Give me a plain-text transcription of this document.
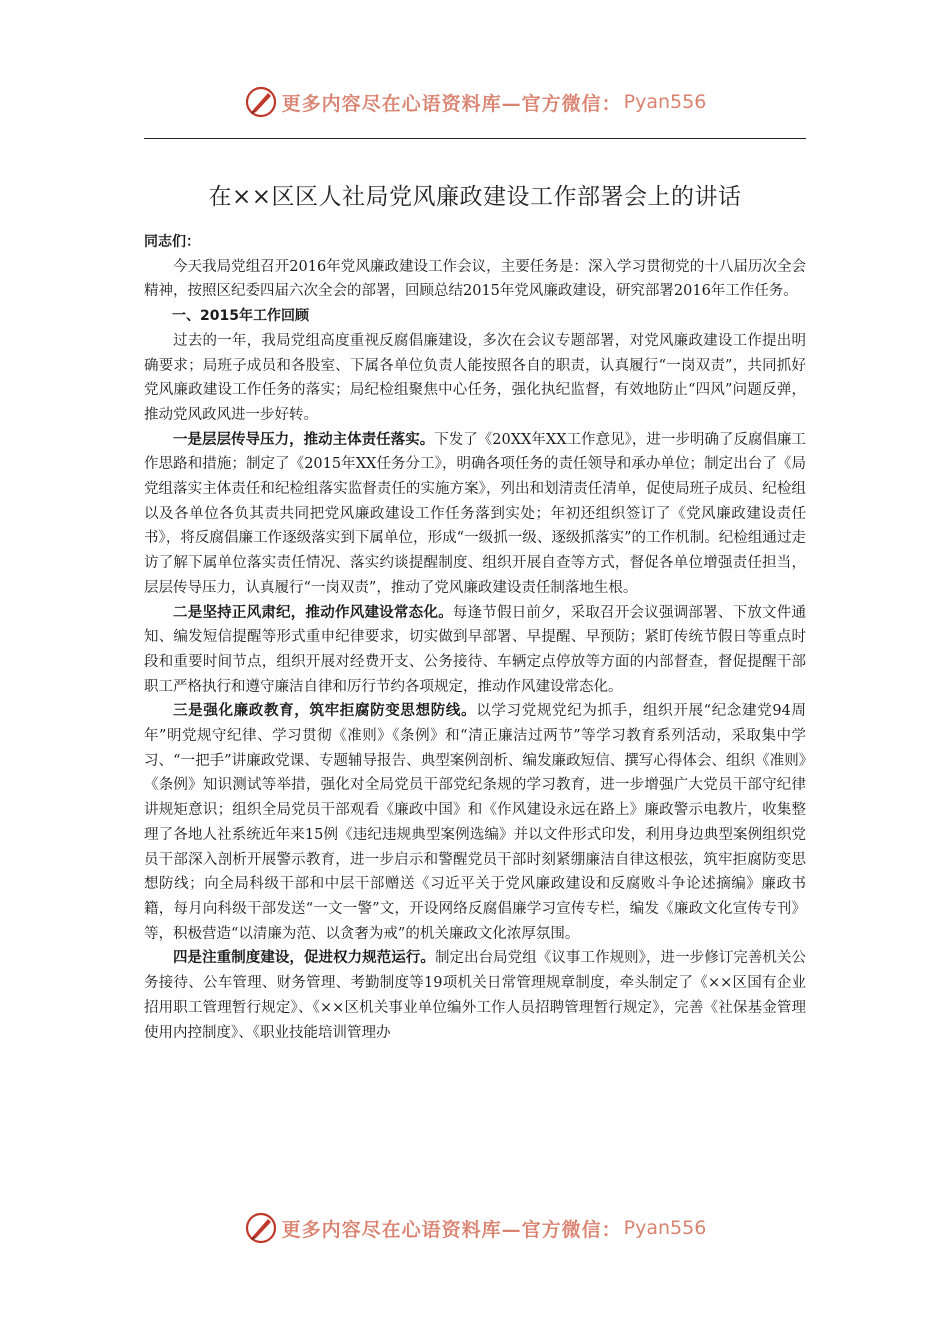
更多内容尽在心语资料库—官方微信： Pyan556
在××区区人社局党风廉政建设工作部署会上的讲话

同志们：

今天我局党组召开2016年党风廉政建设工作会议，主要任务是：深入学习贯彻党的十八届历次全会精神，按照区纪委四届六次全会的部署，回顾总结2015年党风廉政建设，研究部署2016年工作任务。

一、2015年工作回顾

过去的一年，我局党组高度重视反腐倡廉建设，多次在会议专题部署，对党风廉政建设工作提出明确要求；局班子成员和各股室、下属各单位负责人能按照各自的职责，认真履行“一岗双责”，共同抓好党风廉政建设工作任务的落实；局纪检组聚焦中心任务，强化执纪监督，有效地防止“四风”问题反弹，推动党风政风进一步好转。

一是层层传导压力，推动主体责任落实。下发了《20XX年XX工作意见》，进一步明确了反腐倡廉工作思路和措施；制定了《2015年XX任务分工》，明确各项任务的责任领导和承办单位；制定出台了《局党组落实主体责任和纪检组落实监督责任的实施方案》，列出和划清责任清单，促使局班子成员、纪检组以及各单位各负其责共同把党风廉政建设工作任务落到实处；年初还组织签订了《党风廉政建设责任书》，将反腐倡廉工作逐级落实到下属单位，形成“一级抓一级、逐级抓落实”的工作机制。纪检组通过走访了解下属单位落实责任情况、落实约谈提醒制度、组织开展自查等方式，督促各单位增强责任担当，层层传导压力，认真履行“一岗双责”，推动了党风廉政建设责任制落地生根。

二是坚持正风肃纪，推动作风建设常态化。每逢节假日前夕，采取召开会议强调部署、下放文件通知、编发短信提醒等形式重申纪律要求，切实做到早部署、早提醒、早预防；紧盯传统节假日等重点时段和重要时间节点，组织开展对经费开支、公务接待、车辆定点停放等方面的内部督查，督促提醒干部职工严格执行和遵守廉洁自律和厉行节约各项规定，推动作风建设常态化。

三是强化廉政教育，筑牢拒腐防变思想防线。以学习党规党纪为抓手，组织开展“纪念建党94周年”明党规守纪律、学习贯彻《准则》《条例》和“清正廉洁过两节”等学习教育系列活动，采取集中学习、“一把手”讲廉政党课、专题辅导报告、典型案例剖析、编发廉政短信、撰写心得体会、组织《准则》《条例》知识测试等举措，强化对全局党员干部党纪条规的学习教育，进一步增强广大党员干部守纪律讲规矩意识；组织全局党员干部观看《廉政中国》和《作风建设永远在路上》廉政警示电教片，收集整理了各地人社系统近年来15例《违纪违规典型案例选编》并以文件形式印发，利用身边典型案例组织党员干部深入剖析开展警示教育，进一步启示和警醒党员干部时刻紧绷廉洁自律这根弦，筑牢拒腐防变思想防线；向全局科级干部和中层干部赠送《习近平关于党风廉政建设和反腐败斗争论述摘编》廉政书籍，每月向科级干部发送“一文一警”文，开设网络反腐倡廉学习宣传专栏，编发《廉政文化宣传专刊》等，积极营造“以清廉为范、以贪奢为戒”的机关廉政文化浓厚氛围。

四是注重制度建设，促进权力规范运行。制定出台局党组《议事工作规则》，进一步修订完善机关公务接待、公车管理、财务管理、考勤制度等19项机关日常管理规章制度，牵头制定了《××区国有企业招用职工管理暂行规定》、《××区机关事业单位编外工作人员招聘管理暂行规定》，完善《社保基金管理使用内控制度》、《职业技能培训管理办

更多内容尽在心语资料库—官方微信： Pyan556
